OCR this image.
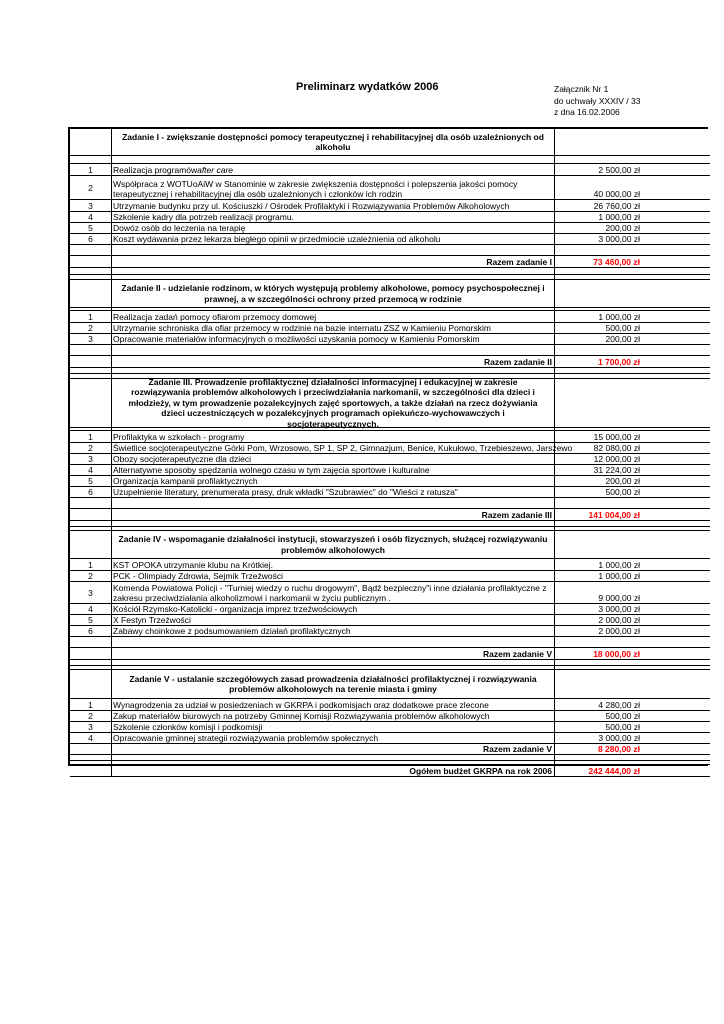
Preliminarz wydatków 2006	Załącznik Nr 1
do uchwały XXXIV / 33
z dna 16.02.2006
Zadanie I - zwiększanie dostępności pomocy terapeutycznej i rehabilitacyjnej dla osób uzależnionych od alkoholu
1	Realizacja programów after care	2 500,00 zł
2	Współpraca z WOTUoAiW w Stanominie w zakresie zwiększenia dostępności i polepszenia jakości pomocy terapeutycznej i rehabilitacyjnej dla osób uzależnionych i członków ich rodzin	40 000,00 zł
3	Utrzymanie budynku przy ul. Kościuszki / Ośrodek Profilaktyki i Rozwiązywania Problemów Alkoholowych	26 760,00 zł
4	Szkolenie kadry dla potrzeb realizacji programu.	1 000,00 zł
5	Dowóz osób do leczenia na terapię	200,00 zł
6	Koszt wydawania przez lekarza biegłego opinii w przedmiocie uzależnienia od alkoholu	3 000,00 zł
Razem zadanie I	73 460,00 zł
Zadanie II - udzielanie rodzinom, w których występują problemy alkoholowe, pomocy psychospołecznej i prawnej, a w szczególności ochrony przed przemocą w rodzinie
1	Realizacja zadań pomocy ofiarom przemocy domowej	1 000,00 zł
2	Utrzymanie schroniska dla ofiar przemocy w rodzinie na bazie internatu ZSZ w Kamieniu Pomorskim	500,00 zł
3	Opracowanie materiałów informacyjnych o możliwości uzyskania pomocy w Kamieniu Pomorskim	200,00 zł
Razem zadanie II	1 700,00 zł
Zadanie III. Prowadzenie profilaktycznej działalności informacyjnej i edukacyjnej w zakresie rozwiązywania problemów alkoholowych i przeciwdziałania narkomanii, w szczególności dla dzieci i młodzieży, w tym prowadzenie pozalekcyjnych zajęć sportowych, a także działań na rzecz dożywiania dzieci uczestniczących w pozalekcyjnych programach opiekuńczo-wychowawczych i socjoterapeutycznych.
1	Profilaktyka w szkołach - programy	15 000,00 zł
2	Świetlice socjoterapeutyczne Górki Pom, Wrzosowo, SP 1, SP 2, Gimnazjum, Benice, Kukułowo, Trzebieszewo, Jarszewo	82 080,00 zł
3	Obozy socjoterapeutyczne dla dzieci	12 000,00 zł
4	Alternatywne sposoby spędzania wolnego czasu w tym zajęcia sportowe i kulturalne	31 224,00 zł
5	Organizacja kampanii profilaktycznych	200,00 zł
6	Uzupełnienie literatury, prenumerata prasy, druk wkładki "Szubrawiec" do "Wieści z ratusza"	500,00 zł
Razem zadanie III	141 004,00 zł
Zadanie IV - wspomaganie działalności instytucji, stowarzyszeń i osób fizycznych, służącej rozwiązywaniu problemów alkoholowych
1	KST OPOKA utrzymanie klubu na Krótkiej.	1 000,00 zł
2	PCK - Olimpiady Zdrowia, Sejmik Trzeźwości	1 000,00 zł
3	Komenda Powiatowa Policji - "Turniej wiedzy o ruchu drogowym", Bądź bezpieczny"i inne działania profilaktyczne z zakresu przeciwdziałania alkoholizmowi i narkomanii w życiu publicznym .	9 000,00 zł
4	Kościół Rzymsko-Katolicki - organizacja imprez trzeźwościowych	3 000,00 zł
5	X Festyn Trzeźwości	2 000,00 zł
6	Zabawy choinkowe z podsumowaniem działań profilaktycznych	2 000,00 zł
Razem zadanie V	18 000,00 zł
Zadanie V - ustalanie szczegółowych zasad prowadzenia działalności profilaktycznej i rozwiązywania problemów alkoholowych na terenie miasta i gminy
1	Wynagrodzenia za udział w posiedzeniach w GKRPA i podkomisjach oraz dodatkowe prace zlecone	4 280,00 zł
2	Zakup materiałów biurowych na potrzeby Gminnej Komisji Rozwiązywania problemów alkoholowych	500,00 zł
3	Szkolenie członków komisji i podkomisji	500,00 zł
4	Opracowanie gminnej strategii rozwiązywania problemów społecznych	3 000,00 zł
Razem zadanie V	8 280,00 zł
Ogółem budżet GKRPA na rok 2006	242 444,00 zł
